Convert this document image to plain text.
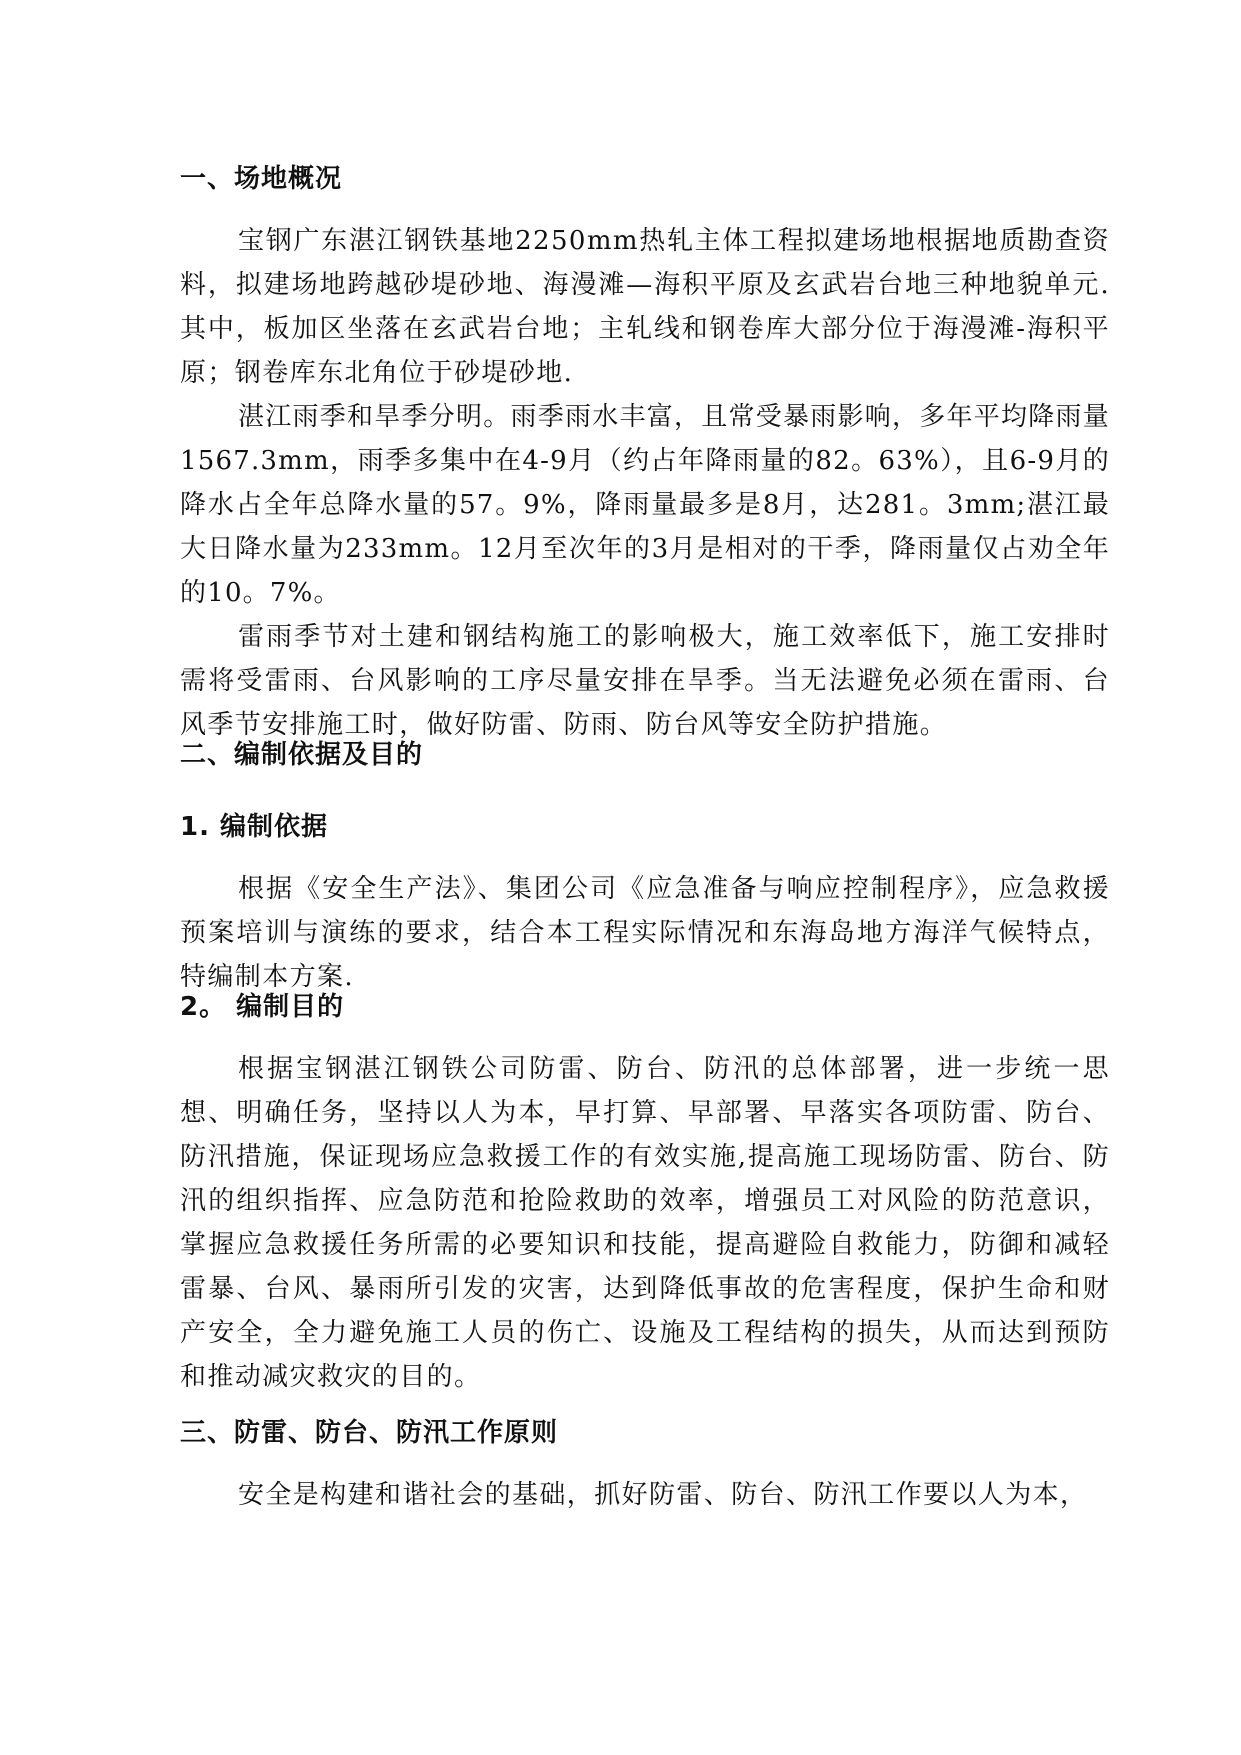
一、场地概况
宝钢广东湛江钢铁基地2250mm热轧主体工程拟建场地根据地质勘查资料，拟建场地跨越砂堤砂地、海漫滩—海积平原及玄武岩台地三种地貌单元.其中，板加区坐落在玄武岩台地；主轧线和钢卷库大部分位于海漫滩-海积平原；钢卷库东北角位于砂堤砂地.
湛江雨季和旱季分明。雨季雨水丰富，且常受暴雨影响，多年平均降雨量1567.3mm，雨季多集中在4-9月（约占年降雨量的82。63%），且6-9月的降水占全年总降水量的57。9%，降雨量最多是8月，达281。3mm;湛江最大日降水量为233mm。12月至次年的3月是相对的干季，降雨量仅占劝全年的10。7%。
雷雨季节对土建和钢结构施工的影响极大，施工效率低下，施工安排时需将受雷雨、台风影响的工序尽量安排在旱季。当无法避免必须在雷雨、台风季节安排施工时，做好防雷、防雨、防台风等安全防护措施。
二、编制依据及目的
1. 编制依据
根据《安全生产法》、集团公司《应急准备与响应控制程序》，应急救援预案培训与演练的要求，结合本工程实际情况和东海岛地方海洋气候特点，特编制本方案.
2。 编制目的
根据宝钢湛江钢铁公司防雷、防台、防汛的总体部署，进一步统一思想、明确任务，坚持以人为本，早打算、早部署、早落实各项防雷、防台、防汛措施，保证现场应急救援工作的有效实施,提高施工现场防雷、防台、防汛的组织指挥、应急防范和抢险救助的效率，增强员工对风险的防范意识，掌握应急救援任务所需的必要知识和技能，提高避险自救能力，防御和减轻雷暴、台风、暴雨所引发的灾害，达到降低事故的危害程度，保护生命和财产安全，全力避免施工人员的伤亡、设施及工程结构的损失，从而达到预防和推动减灾救灾的目的。
三、防雷、防台、防汛工作原则
安全是构建和谐社会的基础，抓好防雷、防台、防汛工作要以人为本，
